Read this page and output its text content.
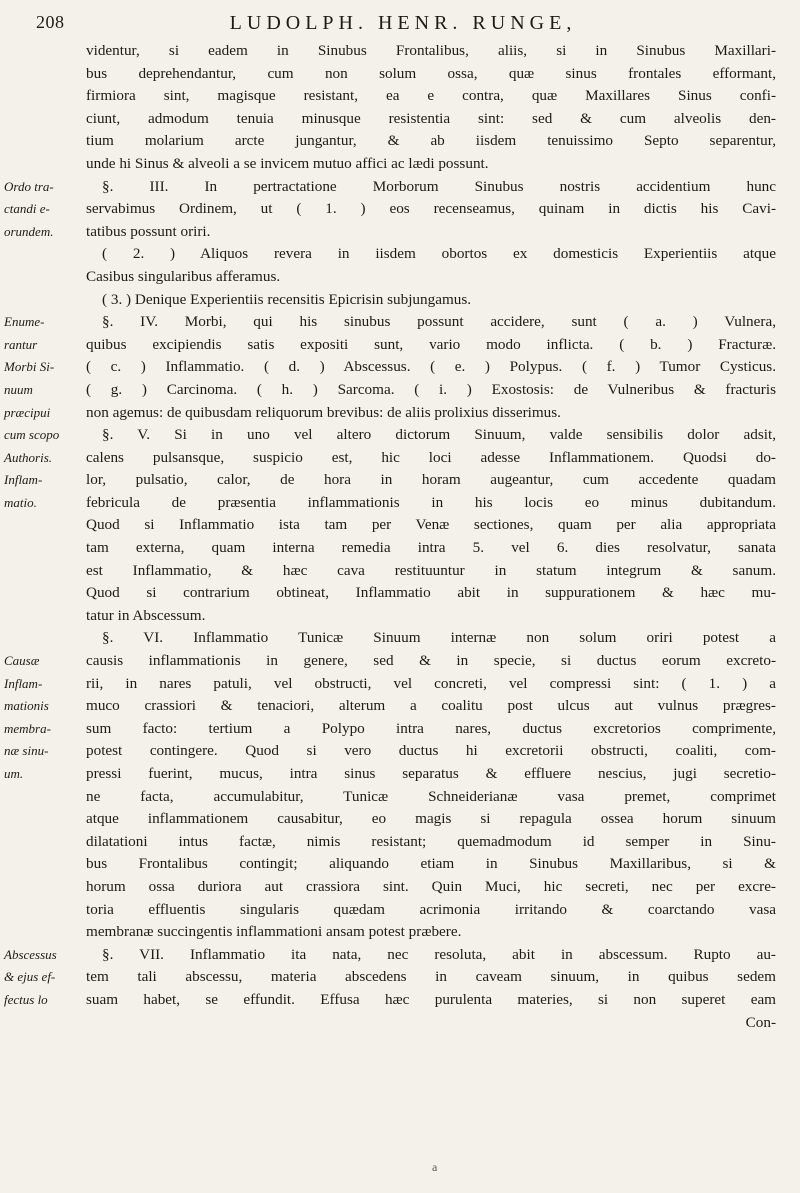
208	LUDOLPH. HENR. RUNGE,
videntur, si eadem in Sinubus Frontalibus, aliis, si in Sinubus Maxillari-
bus deprehendantur, cum non solum ossa, quæ sinus frontales efformant,
firmiora sint, magisque resistant, ea e contra, quæ Maxillares Sinus confi-
ciunt, admodum tenuia minusque resistentia sint: sed & cum alveolis den-
tium molarium arcte jungantur, & ab iisdem tenuissimo Septo separentur,
unde hi Sinus & alveoli a se invicem mutuo affici ac lædi possunt.
§. III. In pertractatione Morborum Sinubus nostris accidentium hunc
servabimus Ordinem, ut ( 1. ) eos recenseamus, quinam in dictis his Cavi-
tatibus possunt oriri.
( 2. ) Aliquos revera in iisdem obortos ex domesticis Experientiis atque
Casibus singularibus afferamus.
( 3. ) Denique Experientiis recensitis Epicrisin subjungamus.
§. IV. Morbi, qui his sinubus possunt accidere, sunt ( a. ) Vulnera,
quibus excipiendis satis expositi sunt, vario modo inflicta. ( b. ) Fracturæ.
( c. ) Inflammatio. ( d. ) Abscessus. ( e. ) Polypus. ( f. ) Tumor Cysticus.
( g. ) Carcinoma. ( h. ) Sarcoma. ( i. ) Exostosis: de Vulneribus & fracturis
non agemus: de quibusdam reliquorum brevibus: de aliis prolixius disserimus.
§. V. Si in uno vel altero dictorum Sinuum, valde sensibilis dolor adsit,
calens pulsansque, suspicio est, hic loci adesse Inflammationem. Quodsi do-
lor, pulsatio, calor, de hora in horam augeantur, cum accedente quadam
febricula de præsentia inflammationis in his locis eo minus dubitandum.
Quod si Inflammatio ista tam per Venæ sectiones, quam per alia appropriata
tam externa, quam interna remedia intra 5. vel 6. dies resolvatur, sanata
est Inflammatio, & hæc cava restituuntur in statum integrum & sanum.
Quod si contrarium obtineat, Inflammatio abit in suppurationem & hæc mu-
tatur in Abscessum.
§. VI. Inflammatio Tunicæ Sinuum internæ non solum oriri potest a
causis inflammationis in genere, sed & in specie, si ductus eorum excreto-
rii, in nares patuli, vel obstructi, vel concreti, vel compressi sint: ( 1. ) a
muco crassiori & tenaciori, alterum a coalitu post ulcus aut vulnus prægres-
sum facto: tertium a Polypo intra nares, ductus excretorios comprimente,
potest contingere. Quod si vero ductus hi excretorii obstructi, coaliti, com-
pressi fuerint, mucus, intra sinus separatus & effluere nescius, jugi secretio-
ne facta, accumulabitur, Tunicæ Schneiderianæ vasa premet, comprimet
atque inflammationem causabitur, eo magis si repagula ossea horum sinuum
dilatationi intus factæ, nimis resistant; quemadmodum id semper in Sinu-
bus Frontalibus contingit; aliquando etiam in Sinubus Maxillaribus, si &
horum ossa duriora aut crassiora sint. Quin Muci, hic secreti, nec per excre-
toria effluentis singularis quædam acrimonia irritando & coarctando vasa
membranæ succingentis inflammationi ansam potest præbere.
§. VII. Inflammatio ita nata, nec resoluta, abit in abscessum. Rupto au-
tem tali abscessu, materia abscedens in caveam sinuum, in quibus sedem
suam habet, se effundit. Effusa hæc purulenta materies, si non superet eam
Con-
Ordo tra-
ctandi e-
orundem.
Enume-
rantur
Morbi Si-
nuum
præcipui
cum scopo
Authoris.
Inflam-
matio.
Causæ
Inflam-
mationis
membra-
næ sinu-
um.
Abscessus
& ejus ef-
fectus lo
a
